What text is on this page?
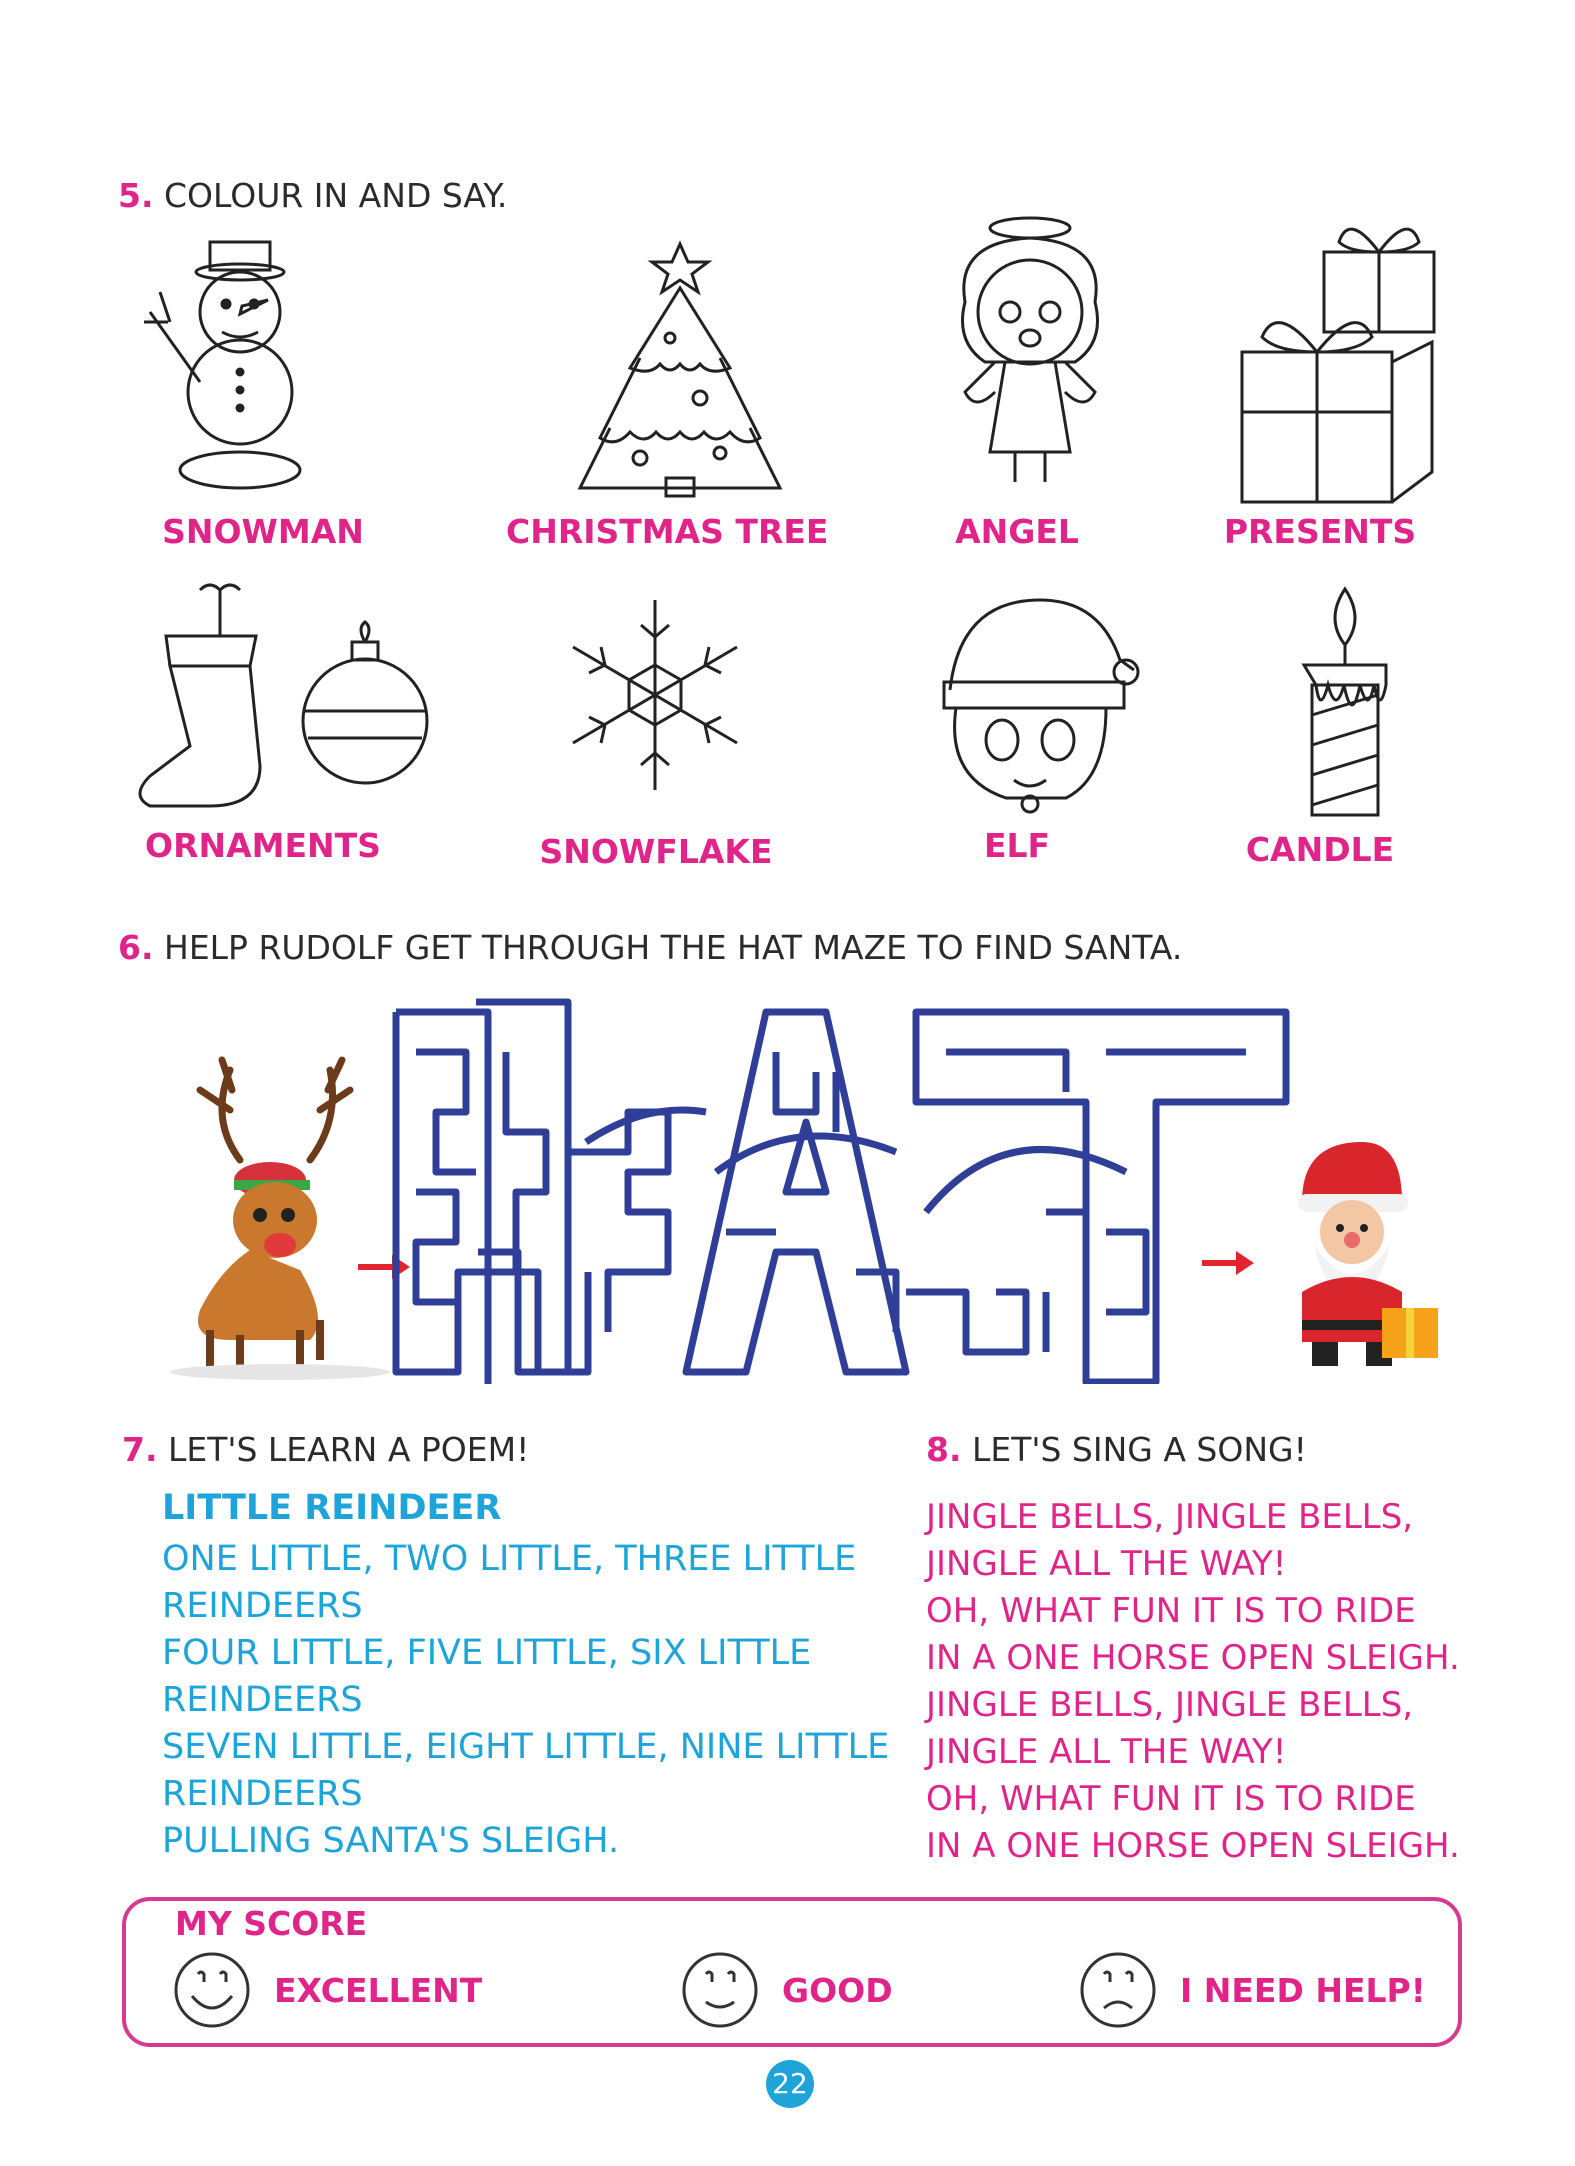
5. COLOUR IN AND SAY.
SNOWMAN	CHRISTMAS TREE	ANGEL	PRESENTS
ORNAMENTS	SNOWFLAKE	ELF	CANDLE
6. HELP RUDOLF GET THROUGH THE HAT MAZE TO FIND SANTA.
7. LET'S LEARN A POEM!
LITTLE REINDEER
ONE LITTLE, TWO LITTLE, THREE LITTLE
REINDEERS
FOUR LITTLE, FIVE LITTLE, SIX LITTLE
REINDEERS
SEVEN LITTLE, EIGHT LITTLE, NINE LITTLE
REINDEERS
PULLING SANTA'S SLEIGH.
8. LET'S SING A SONG!
JINGLE BELLS, JINGLE BELLS,
JINGLE ALL THE WAY!
OH, WHAT FUN IT IS TO RIDE
IN A ONE HORSE OPEN SLEIGH.
JINGLE BELLS, JINGLE BELLS,
JINGLE ALL THE WAY!
OH, WHAT FUN IT IS TO RIDE
IN A ONE HORSE OPEN SLEIGH.
MY SCORE
EXCELLENT	GOOD	I NEED HELP!
22
